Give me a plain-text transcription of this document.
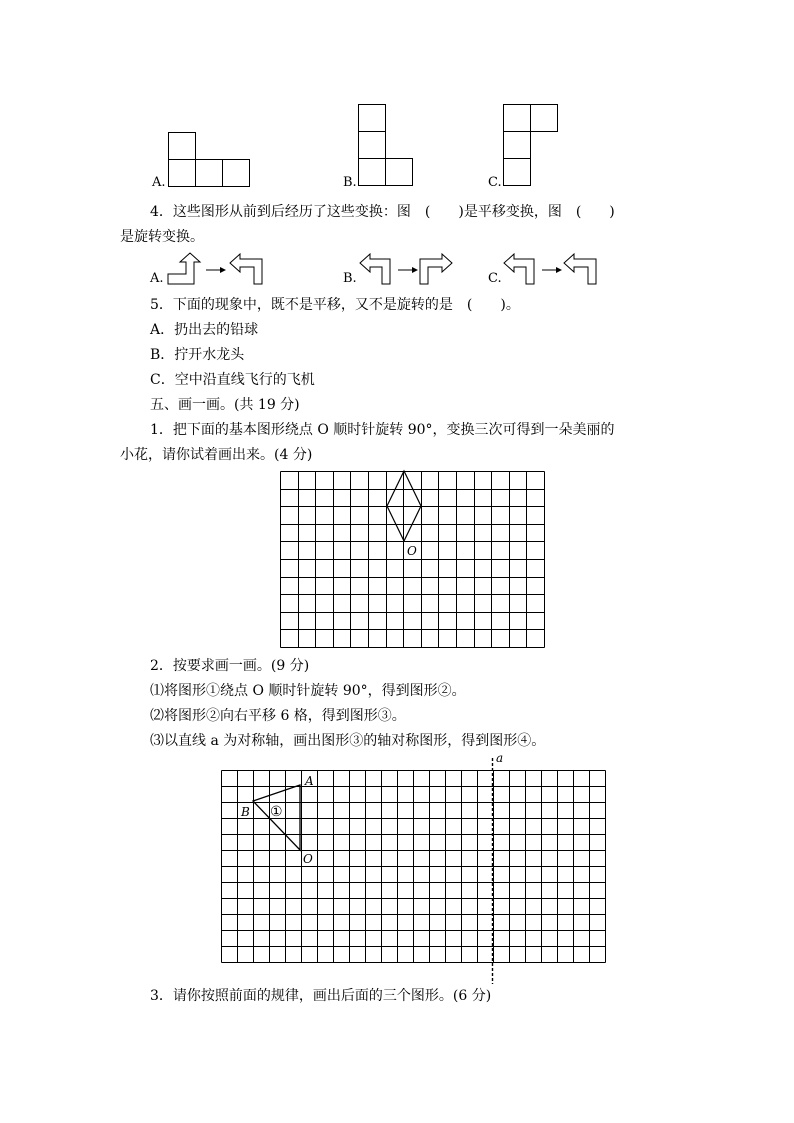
A.	B.	C.
4．这些图形从前到后经历了这些变换：图　(　　)是平移变换，图　(　　)
是旋转变换。
A.	B.	C.
5．下面的现象中，既不是平移，又不是旋转的是　(　　)。
A．扔出去的铅球
B．拧开水龙头
C．空中沿直线飞行的飞机
五、画一画。(共 19 分)
1．把下面的基本图形绕点 O 顺时针旋转 90°，变换三次可得到一朵美丽的
小花，请你试着画出来。(4 分)
O
2．按要求画一画。(9 分)
⑴将图形①绕点 O 顺时针旋转 90°，得到图形②。
⑵将图形②向右平移 6 格，得到图形③。
⑶以直线 a 为对称轴，画出图形③的轴对称图形，得到图形④。
a
A
B
O
①
3．请你按照前面的规律，画出后面的三个图形。(6 分)
